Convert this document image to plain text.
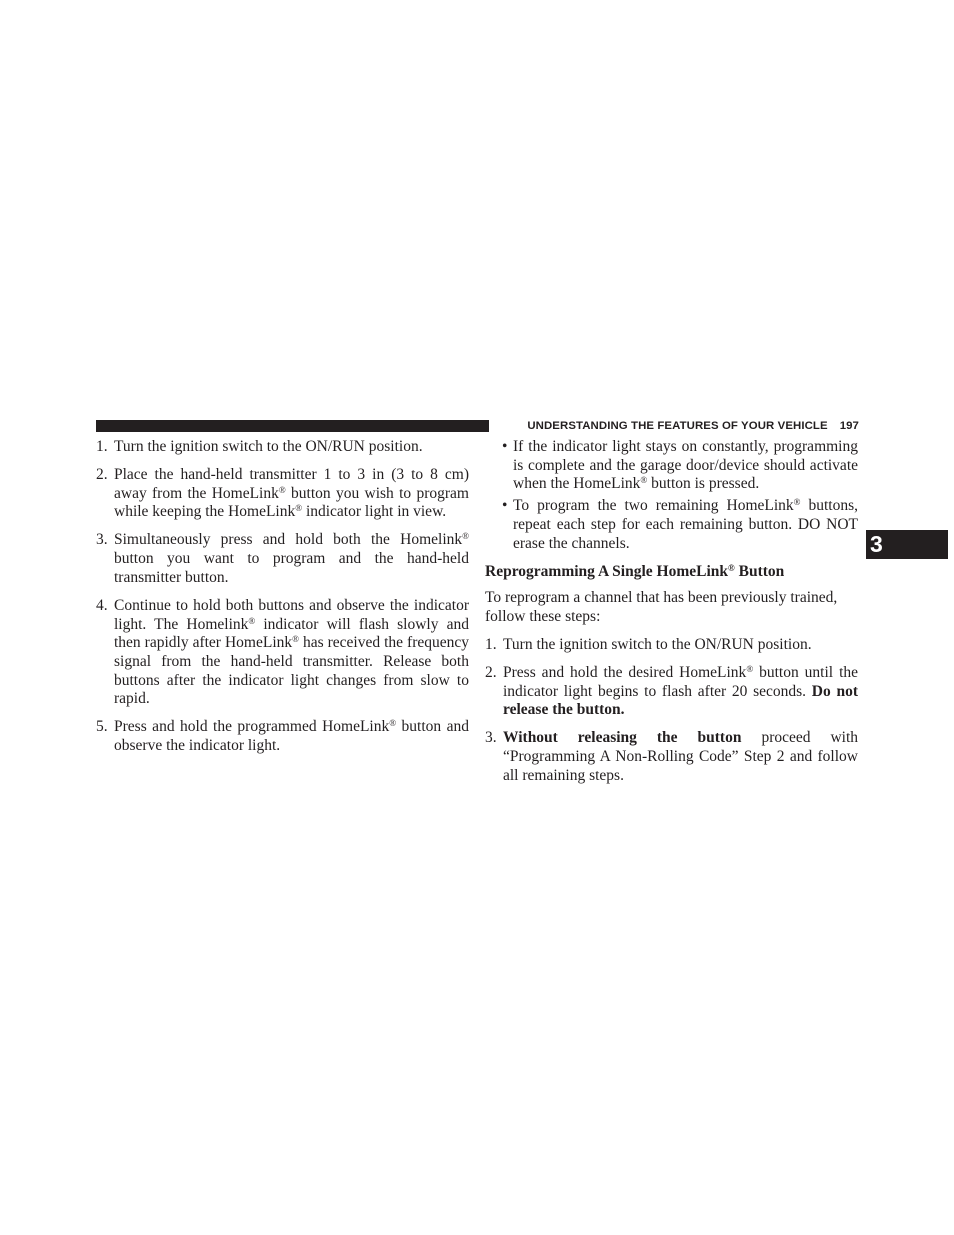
UNDERSTANDING THE FEATURES OF YOUR VEHICLE 197
3
1. Turn the ignition switch to the ON/RUN position.
2. Place the hand-held transmitter 1 to 3 in (3 to 8 cm) away from the HomeLink® button you wish to program while keeping the HomeLink® indicator light in view.
3. Simultaneously press and hold both the Homelink® button you want to program and the hand-held transmitter button.
4. Continue to hold both buttons and observe the indicator light. The Homelink® indicator will flash slowly and then rapidly after HomeLink® has received the frequency signal from the hand-held transmitter. Release both buttons after the indicator light changes from slow to rapid.
5. Press and hold the programmed HomeLink® button and observe the indicator light.
• If the indicator light stays on constantly, programming is complete and the garage door/device should activate when the HomeLink® button is pressed.
• To program the two remaining HomeLink® buttons, repeat each step for each remaining button. DO NOT erase the channels.
Reprogramming A Single HomeLink® Button

To reprogram a channel that has been previously trained, follow these steps:

1. Turn the ignition switch to the ON/RUN position.
2. Press and hold the desired HomeLink® button until the indicator light begins to flash after 20 seconds. Do not release the button.
3. Without releasing the button proceed with “Programming A Non-Rolling Code” Step 2 and follow all remaining steps.
